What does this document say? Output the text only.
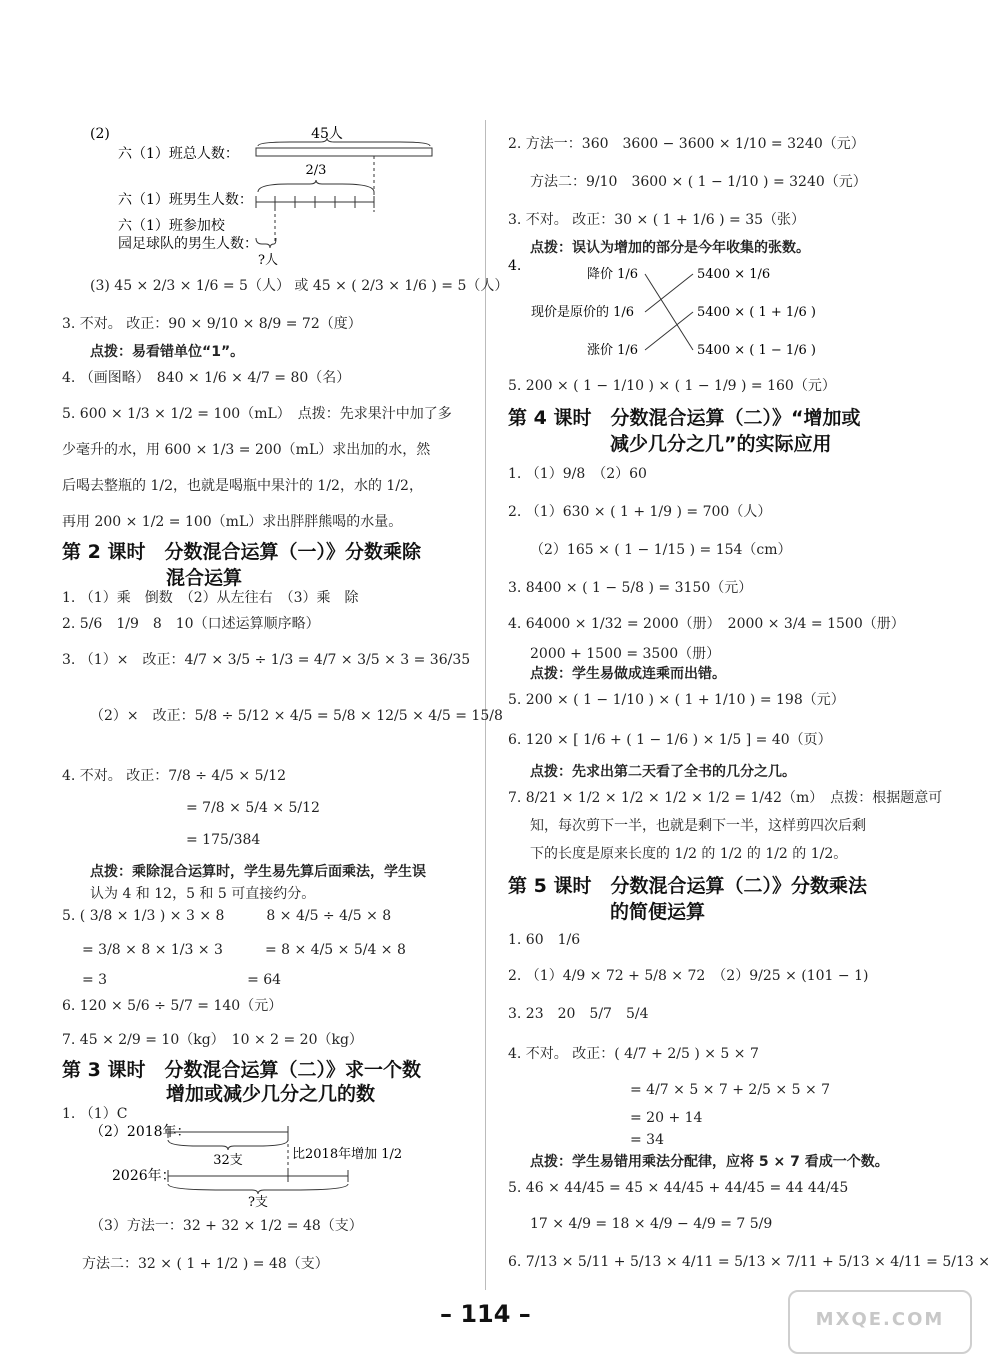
(2)	45人
六（1）班总人数：
2/3
六（1）班男生人数：
六（1）班参加校
园足球队的男生人数：
?人
(3) 45 × 2/3 × 1/6 = 5（人） 或 45 × ( 2/3 × 1/6 ) = 5（人）
3. 不对。 改正：90 × 9/10 × 8/9 = 72（度）
点拨：易看错单位“1”。
4. （画图略）　840 × 1/6 × 4/7 = 80（名）
5. 600 × 1/3 × 1/2 = 100（mL）　点拨：先求果汁中加了多
少毫升的水，用 600 × 1/3 = 200（mL）求出加的水，然
后喝去整瓶的 1/2，也就是喝瓶中果汁的 1/2，水的 1/2，
再用 200 × 1/2 = 100（mL）求出胖胖熊喝的水量。
第 2 课时　分数混合运算（一）》分数乘除
混合运算
1. （1）乘　倒数　（2）从左往右　（3）乘　除
2. 5/6　1/9　8　10（口述运算顺序略）
3. （1）×　改正：4/7 × 3/5 ÷ 1/3 = 4/7 × 3/5 × 3 = 36/35
（2）×　改正：5/8 ÷ 5/12 × 4/5 = 5/8 × 12/5 × 4/5 = 15/8
4. 不对。 改正：7/8 ÷ 4/5 × 5/12
= 7/8 × 5/4 × 5/12
= 175/384
点拨：乘除混合运算时，学生易先算后面乘法，学生误
认为 4 和 12，5 和 5 可直接约分。
5. ( 3/8 × 1/3 ) × 3 × 8　　　8 × 4/5 ÷ 4/5 × 8
= 3/8 × 8 × 1/3 × 3　　　= 8 × 4/5 × 5/4 × 8
= 3　　　　　　　　　　= 64
6. 120 × 5/6 ÷ 5/7 = 140（元）
7. 45 × 2/9 = 10（kg）　10 × 2 = 20（kg）
第 3 课时　分数混合运算（二）》求一个数
增加或减少几分之几的数
1. （1）C
（2）2018年：
32支	比2018年增加 1/2
2026年：
?支
（3）方法一：32 + 32 × 1/2 = 48（支）
方法二：32 × ( 1 + 1/2 ) = 48（支）
2. 方法一：360　3600 − 3600 × 1/10 = 3240（元）
方法二：9/10　3600 × ( 1 − 1/10 ) = 3240（元）
3. 不对。 改正：30 × ( 1 + 1/6 ) = 35（张）
点拨：误认为增加的部分是今年收集的张数。
4.
降价 1/6
现价是原价的 1/6
涨价 1/6
5400 × 1/6
5400 × ( 1 + 1/6 )
5400 × ( 1 − 1/6 )
5. 200 × ( 1 − 1/10 ) × ( 1 − 1/9 ) = 160（元）
第 4 课时　分数混合运算（二）》“增加或
减少几分之几”的实际应用
1. （1）9/8　（2）60
2. （1）630 × ( 1 + 1/9 ) = 700（人）
（2）165 × ( 1 − 1/15 ) = 154（cm）
3. 8400 × ( 1 − 5/8 ) = 3150（元）
4. 64000 × 1/32 = 2000（册）　2000 × 3/4 = 1500（册）
2000 + 1500 = 3500（册）
点拨：学生易做成连乘而出错。
5. 200 × ( 1 − 1/10 ) × ( 1 + 1/10 ) = 198（元）
6. 120 × [ 1/6 + ( 1 − 1/6 ) × 1/5 ] = 40（页）
点拨：先求出第二天看了全书的几分之几。
7. 8/21 × 1/2 × 1/2 × 1/2 × 1/2 = 1/42（m）　点拨：根据题意可
知，每次剪下一半，也就是剩下一半，这样剪四次后剩
下的长度是原来长度的 1/2 的 1/2 的 1/2 的 1/2。
第 5 课时　分数混合运算（二）》分数乘法
的简便运算
1. 60　1/6
2. （1）4/9 × 72 + 5/8 × 72　（2）9/25 × (101 − 1)
3. 23　20　5/7　5/4
4. 不对。 改正：( 4/7 + 2/5 ) × 5 × 7
= 4/7 × 5 × 7 + 2/5 × 5 × 7
= 20 + 14
= 34
点拨：学生易错用乘法分配律，应将 5 × 7 看成一个数。
5. 46 × 44/45 = 45 × 44/45 + 44/45 = 44 44/45
17 × 4/9 = 18 × 4/9 − 4/9 = 7 5/9
6. 7/13 × 5/11 + 5/13 × 4/11 = 5/13 × 7/11 + 5/13 × 4/11 = 5/13 ×
– 114 –	MXQE.COM
